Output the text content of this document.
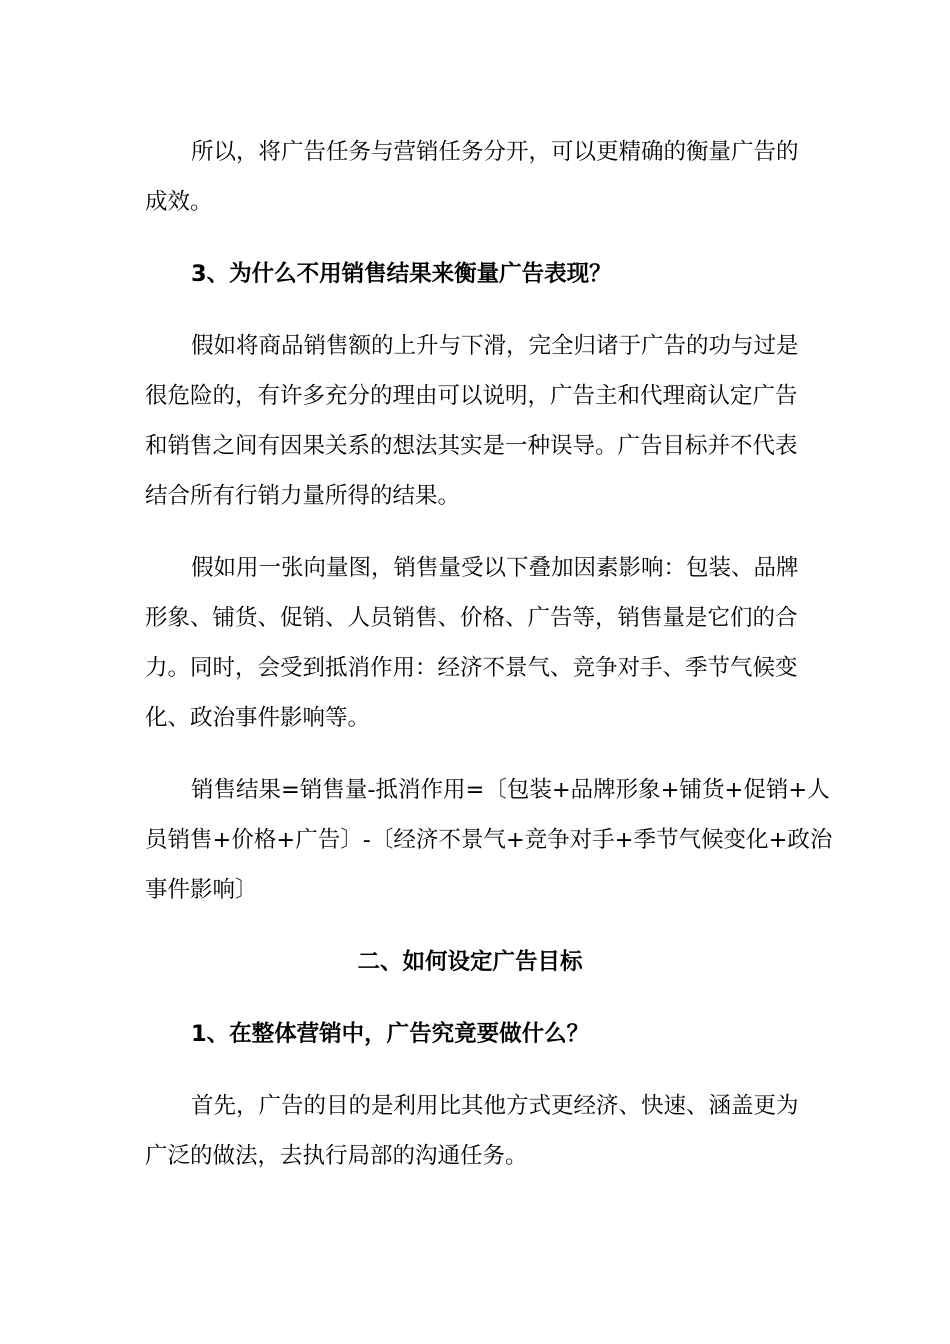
所以，将广告任务与营销任务分开，可以更精确的衡量广告的
成效。
3、为什么不用销售结果来衡量广告表现？
假如将商品销售额的上升与下滑，完全归诸于广告的功与过是
很危险的，有许多充分的理由可以说明，广告主和代理商认定广告
和销售之间有因果关系的想法其实是一种误导。广告目标并不代表
结合所有行销力量所得的结果。
假如用一张向量图，销售量受以下叠加因素影响：包装、品牌
形象、铺货、促销、人员销售、价格、广告等，销售量是它们的合
力。同时，会受到抵消作用：经济不景气、竞争对手、季节气候变
化、政治事件影响等。
销售结果=销售量-抵消作用=〔包装+品牌形象+铺货+促销+人
员销售+价格+广告〕-〔经济不景气+竞争对手+季节气候变化+政治
事件影响〕
二、如何设定广告目标
1、在整体营销中，广告究竟要做什么？
首先，广告的目的是利用比其他方式更经济、快速、涵盖更为
广泛的做法，去执行局部的沟通任务。
